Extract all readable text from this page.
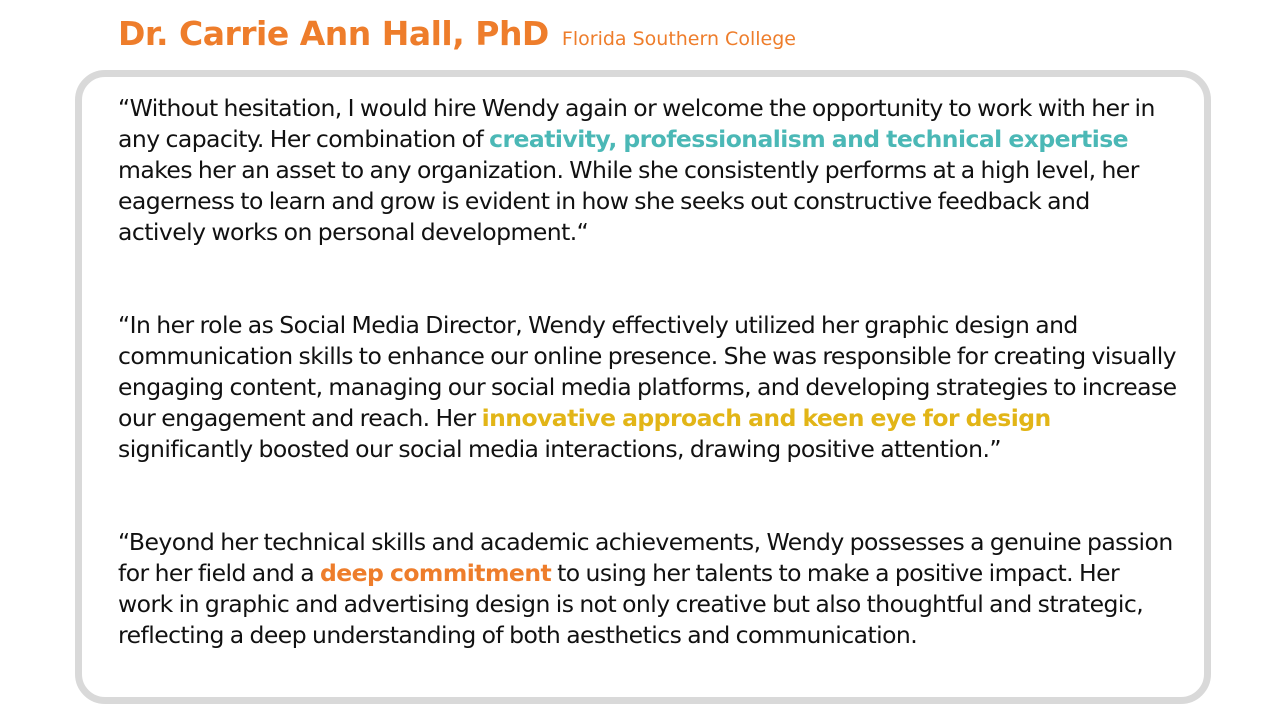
Dr. Carrie Ann Hall, PhD Florida Southern College

“Without hesitation, I would hire Wendy again or welcome the opportunity to work with her in any capacity. Her combination of creativity, professionalism and technical expertise makes her an asset to any organization. While she consistently performs at a high level, her eagerness to learn and grow is evident in how she seeks out constructive feedback and actively works on personal development.“

“In her role as Social Media Director, Wendy effectively utilized her graphic design and communication skills to enhance our online presence. She was responsible for creating visually engaging content, managing our social media platforms, and developing strategies to increase our engagement and reach. Her innovative approach and keen eye for design significantly boosted our social media interactions, drawing positive attention.”

“Beyond her technical skills and academic achievements, Wendy possesses a genuine passion for her field and a deep commitment to using her talents to make a positive impact. Her work in graphic and advertising design is not only creative but also thoughtful and strategic, reflecting a deep understanding of both aesthetics and communication.
